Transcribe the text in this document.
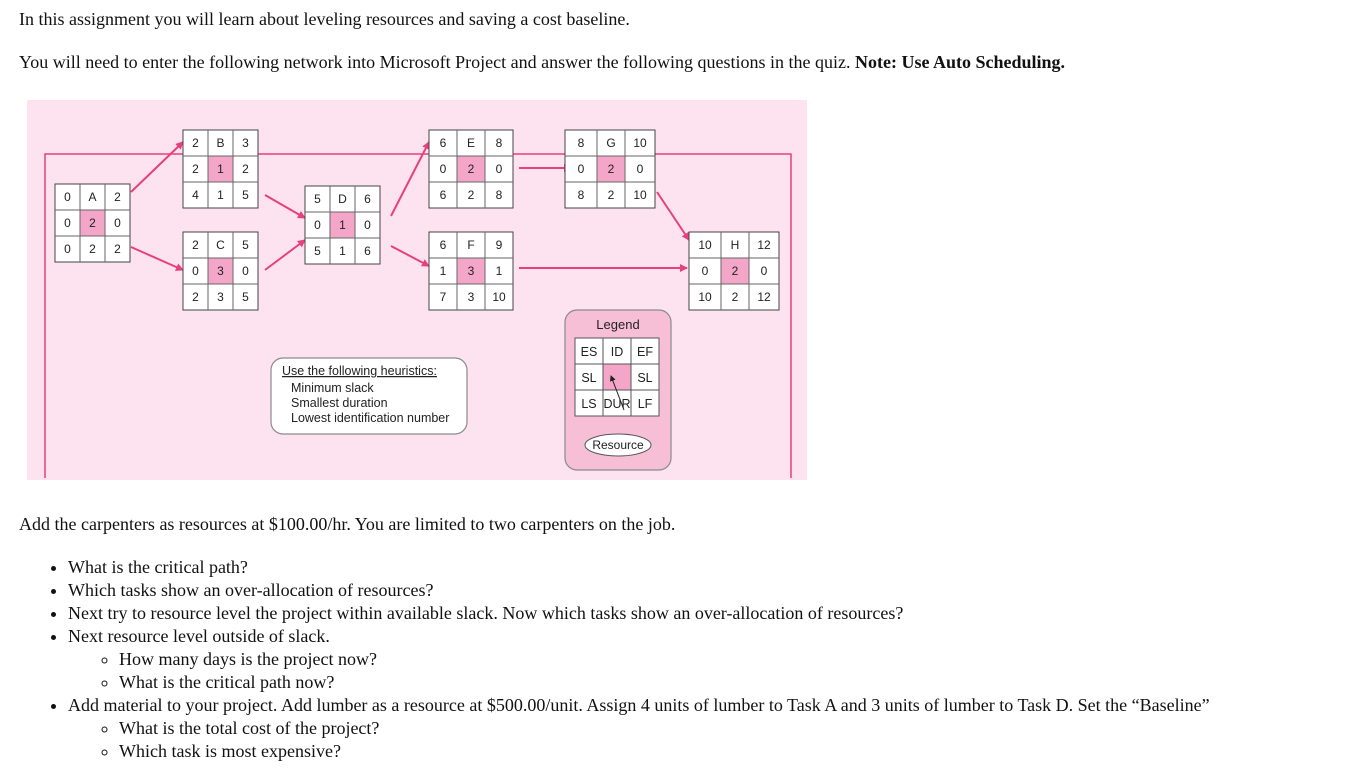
In this assignment you will learn about leveling resources and saving a cost baseline.
You will need to enter the following network into Microsoft Project and answer the following questions in the quiz. Note: Use Auto Scheduling.
0 A 2
0 2 0
0 2 2
2 B 3
2 1 2
4 1 5
2 C 5
0 3 0
2 3 5
5 D 6
0 1 0
5 1 6
6 E 8
0 2 0
6 2 8
6 F 9
1 3 1
7 3 10
8 G 10
0 2 0
8 2 10
10 H 12
0 2 0
10 2 12
Use the following heuristics:
Minimum slack
Smallest duration
Lowest identification number
Legend
ES ID EF
SL	SL
LS DUR LF
Resource
Add the carpenters as resources at $100.00/hr. You are limited to two carpenters on the job.
• What is the critical path?
• Which tasks show an over-allocation of resources?
• Next try to resource level the project within available slack. Now which tasks show an over-allocation of resources?
• Next resource level outside of slack.
◦ How many days is the project now?
◦ What is the critical path now?
• Add material to your project. Add lumber as a resource at $500.00/unit. Assign 4 units of lumber to Task A and 3 units of lumber to Task D. Set the “Baseline”
◦ What is the total cost of the project?
◦ Which task is most expensive?
